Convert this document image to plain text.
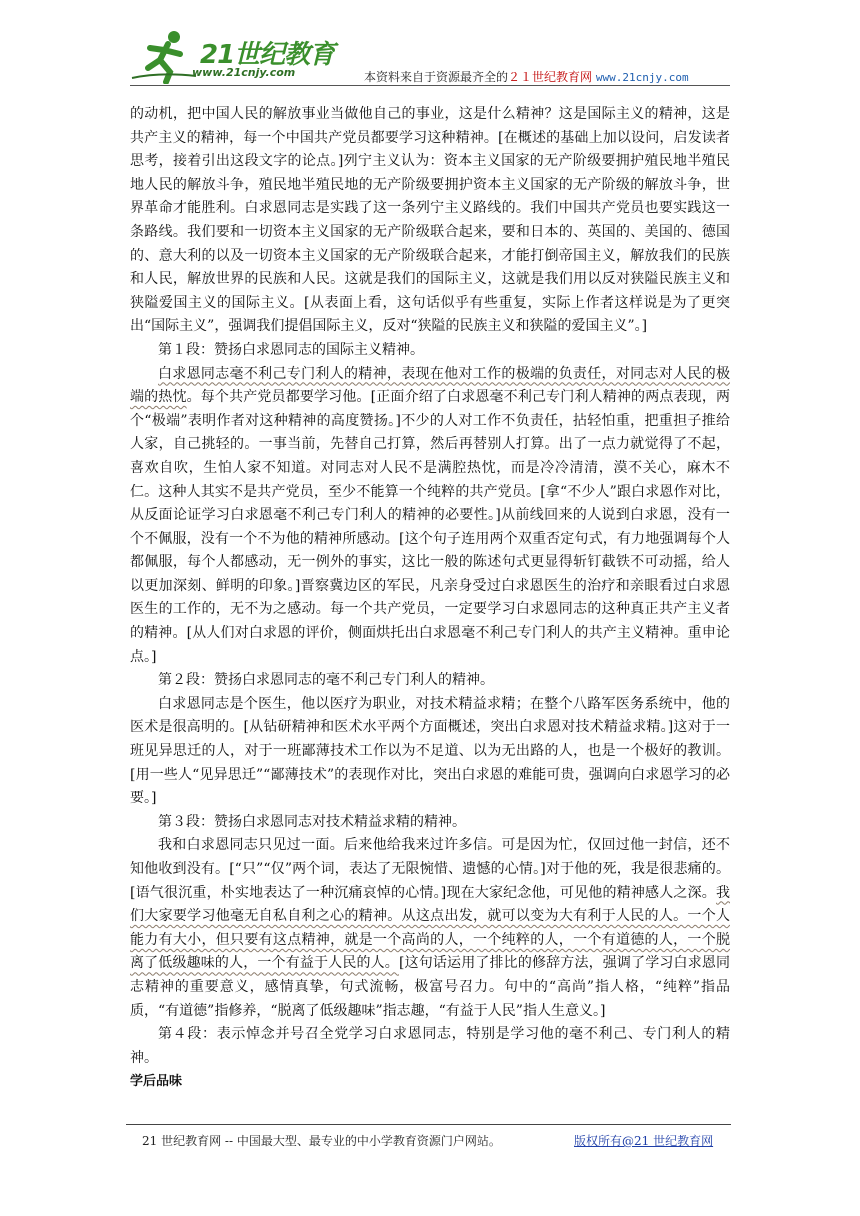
21世纪教育
www.21cnjy.com	本资料来自于资源最齐全的２１世纪教育网 www.21cnjy.com

的动机，把中国人民的解放事业当做他自己的事业，这是什么精神？这是国际主义的精神，这是共产主义的精神，每一个中国共产党员都要学习这种精神。[在概述的基础上加以设问，启发读者思考，接着引出这段文字的论点。]列宁主义认为：资本主义国家的无产阶级要拥护殖民地半殖民地人民的解放斗争，殖民地半殖民地的无产阶级要拥护资本主义国家的无产阶级的解放斗争，世界革命才能胜利。白求恩同志是实践了这一条列宁主义路线的。我们中国共产党员也要实践这一条路线。我们要和一切资本主义国家的无产阶级联合起来，要和日本的、英国的、美国的、德国的、意大利的以及一切资本主义国家的无产阶级联合起来，才能打倒帝国主义，解放我们的民族和人民，解放世界的民族和人民。这就是我们的国际主义，这就是我们用以反对狭隘民族主义和狭隘爱国主义的国际主义。[从表面上看，这句话似乎有些重复，实际上作者这样说是为了更突出“国际主义”，强调我们提倡国际主义，反对“狭隘的民族主义和狭隘的爱国主义”。]

第１段：赞扬白求恩同志的国际主义精神。

白求恩同志毫不利己专门利人的精神，表现在他对工作的极端的负责任，对同志对人民的极端的热忱。每个共产党员都要学习他。[正面介绍了白求恩毫不利己专门利人精神的两点表现，两个“极端”表明作者对这种精神的高度赞扬。]不少的人对工作不负责任，拈轻怕重，把重担子推给人家，自己挑轻的。一事当前，先替自己打算，然后再替别人打算。出了一点力就觉得了不起，喜欢自吹，生怕人家不知道。对同志对人民不是满腔热忱，而是冷冷清清，漠不关心，麻木不仁。这种人其实不是共产党员，至少不能算一个纯粹的共产党员。[拿“不少人”跟白求恩作对比，从反面论证学习白求恩毫不利己专门利人的精神的必要性。]从前线回来的人说到白求恩，没有一个不佩服，没有一个不为他的精神所感动。[这个句子连用两个双重否定句式，有力地强调每个人都佩服，每个人都感动，无一例外的事实，这比一般的陈述句式更显得斩钉截铁不可动摇，给人以更加深刻、鲜明的印象。]晋察冀边区的军民，凡亲身受过白求恩医生的治疗和亲眼看过白求恩医生的工作的，无不为之感动。每一个共产党员，一定要学习白求恩同志的这种真正共产主义者的精神。[从人们对白求恩的评价，侧面烘托出白求恩毫不利己专门利人的共产主义精神。重申论点。]

第２段：赞扬白求恩同志的毫不利己专门利人的精神。

白求恩同志是个医生，他以医疗为职业，对技术精益求精；在整个八路军医务系统中，他的医术是很高明的。[从钻研精神和医术水平两个方面概述，突出白求恩对技术精益求精。]这对于一班见异思迁的人，对于一班鄙薄技术工作以为不足道、以为无出路的人，也是一个极好的教训。[用一些人“见异思迁”“鄙薄技术”的表现作对比，突出白求恩的难能可贵，强调向白求恩学习的必要。]

第３段：赞扬白求恩同志对技术精益求精的精神。

我和白求恩同志只见过一面。后来他给我来过许多信。可是因为忙，仅回过他一封信，还不知他收到没有。[“只”“仅”两个词，表达了无限惋惜、遗憾的心情。]对于他的死，我是很悲痛的。[语气很沉重，朴实地表达了一种沉痛哀悼的心情。]现在大家纪念他，可见他的精神感人之深。我们大家要学习他毫无自私自利之心的精神。从这点出发，就可以变为大有利于人民的人。一个人能力有大小，但只要有这点精神，就是一个高尚的人，一个纯粹的人，一个有道德的人，一个脱离了低级趣味的人，一个有益于人民的人。[这句话运用了排比的修辞方法，强调了学习白求恩同志精神的重要意义，感情真挚，句式流畅，极富号召力。句中的“高尚”指人格，“纯粹”指品质，“有道德”指修养，“脱离了低级趣味”指志趣，“有益于人民”指人生意义。]

第４段：表示悼念并号召全党学习白求恩同志，特别是学习他的毫不利己、专门利人的精神。

学后品味

21 世纪教育网 -- 中国最大型、最专业的中小学教育资源门户网站。	版权所有@21 世纪教育网
